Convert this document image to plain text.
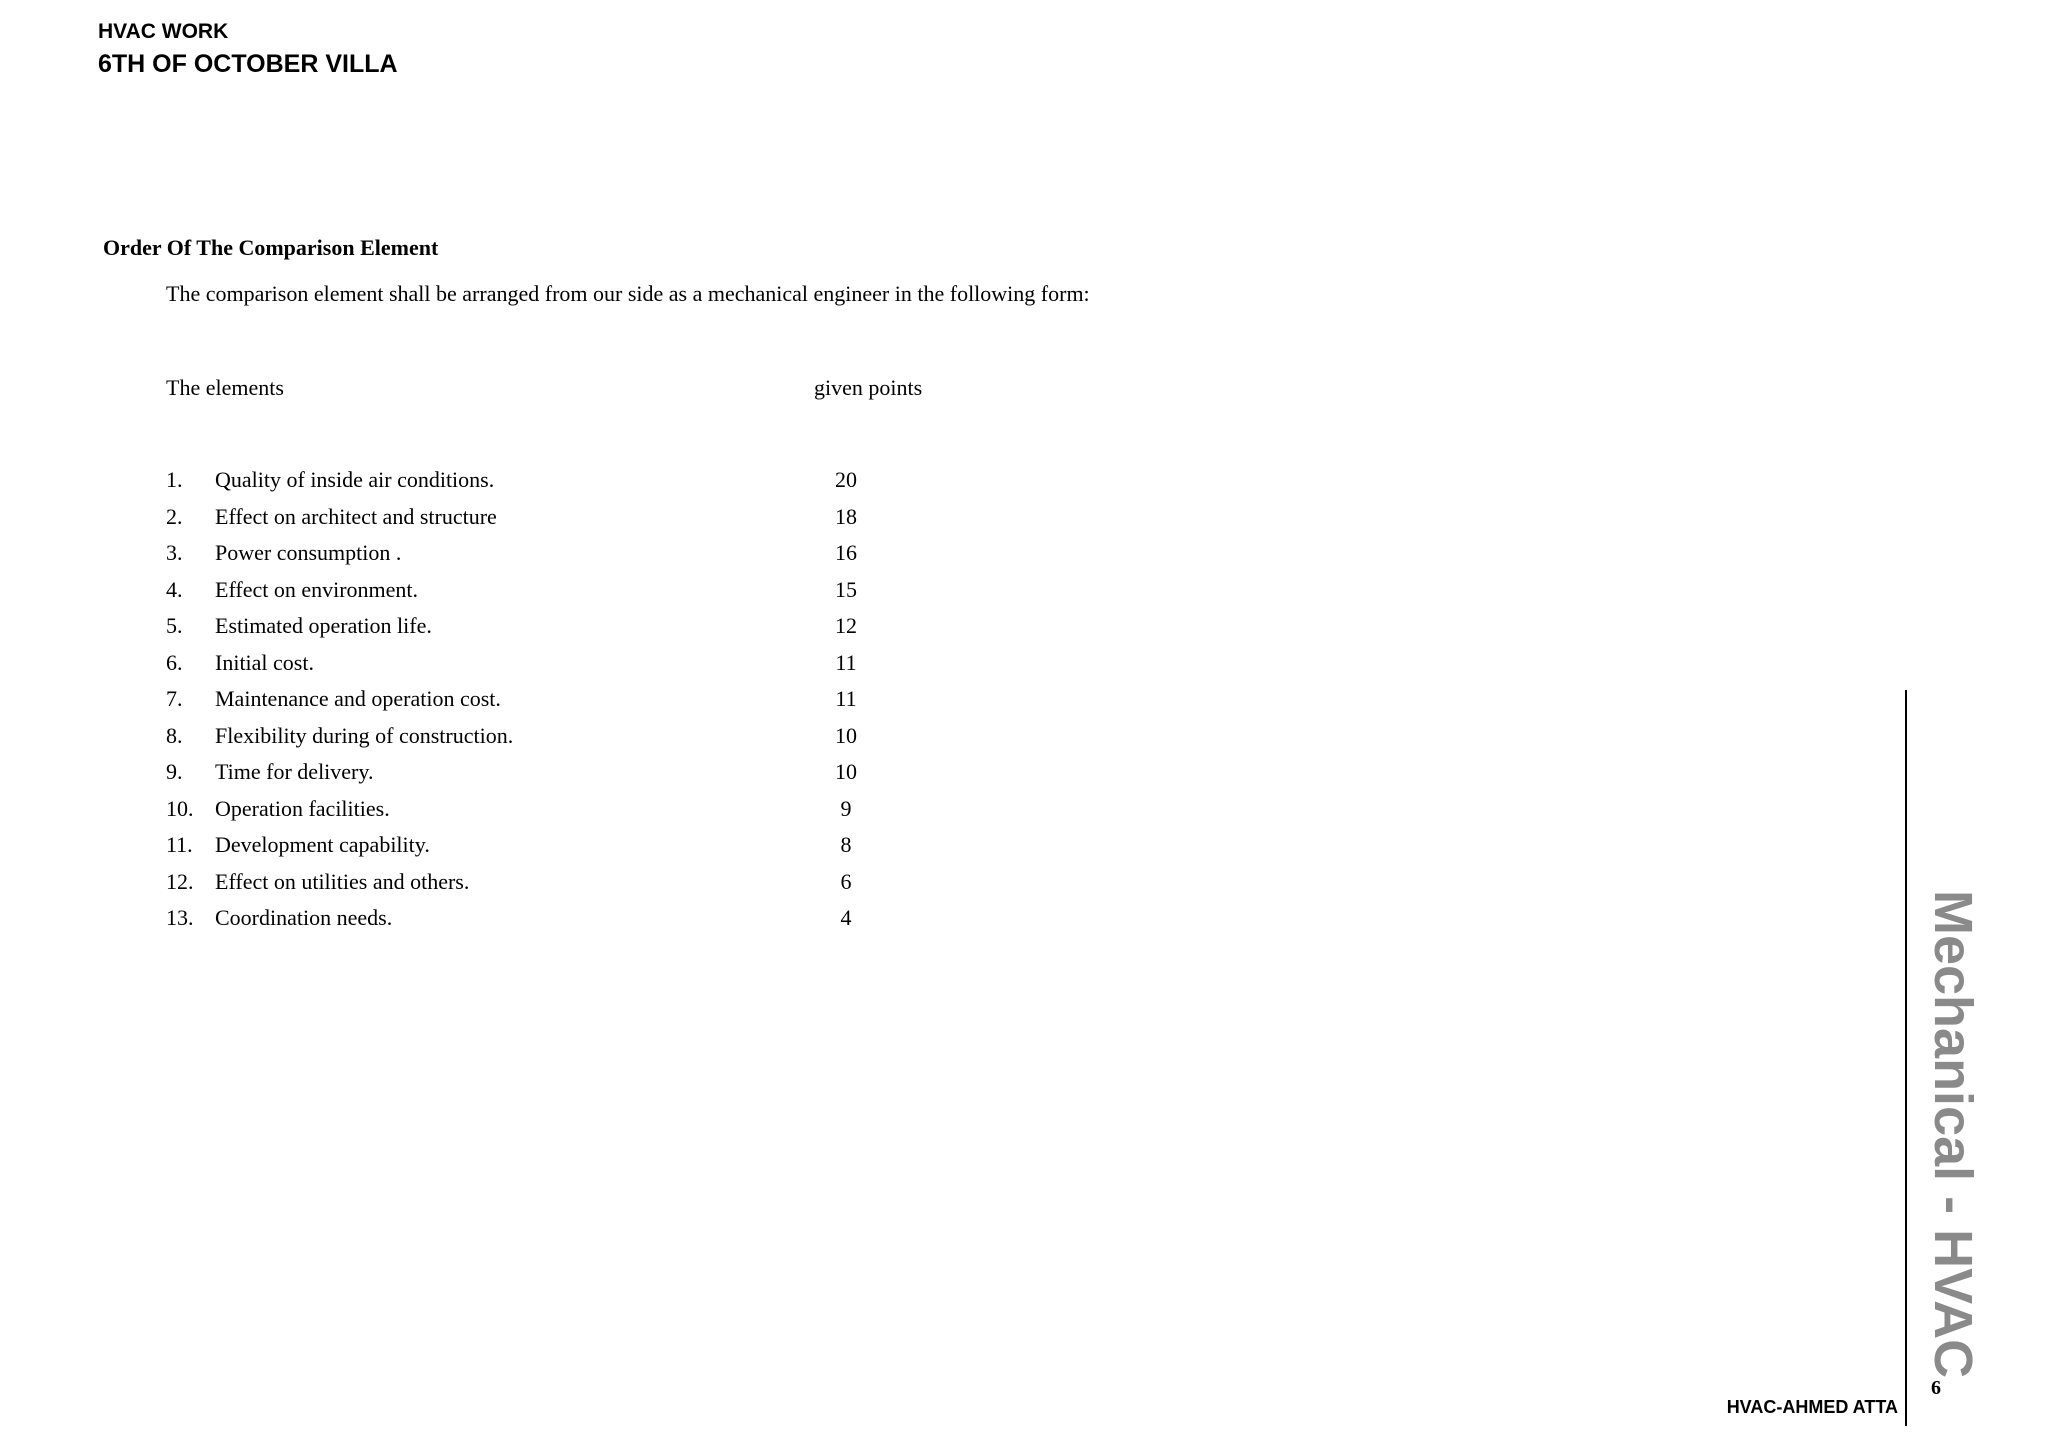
HVAC WORK
6TH OF OCTOBER VILLA
Order Of The Comparison Element
The comparison element shall be arranged from our side as a mechanical engineer in the following form:
The elements	given points
1. Quality of inside air conditions.	20
2. Effect on architect and structure	18
3. Power consumption .	16
4. Effect on environment.	15
5. Estimated operation life.	12
6. Initial cost.	11
7. Maintenance and operation cost.	11
8. Flexibility during of construction.	10
9. Time for delivery.	10
10. Operation facilities.	9
11. Development capability.	8
12. Effect on utilities and others.	6
13. Coordination needs.	4	Mechanical - HVAC
6
HVAC-AHMED ATTA
